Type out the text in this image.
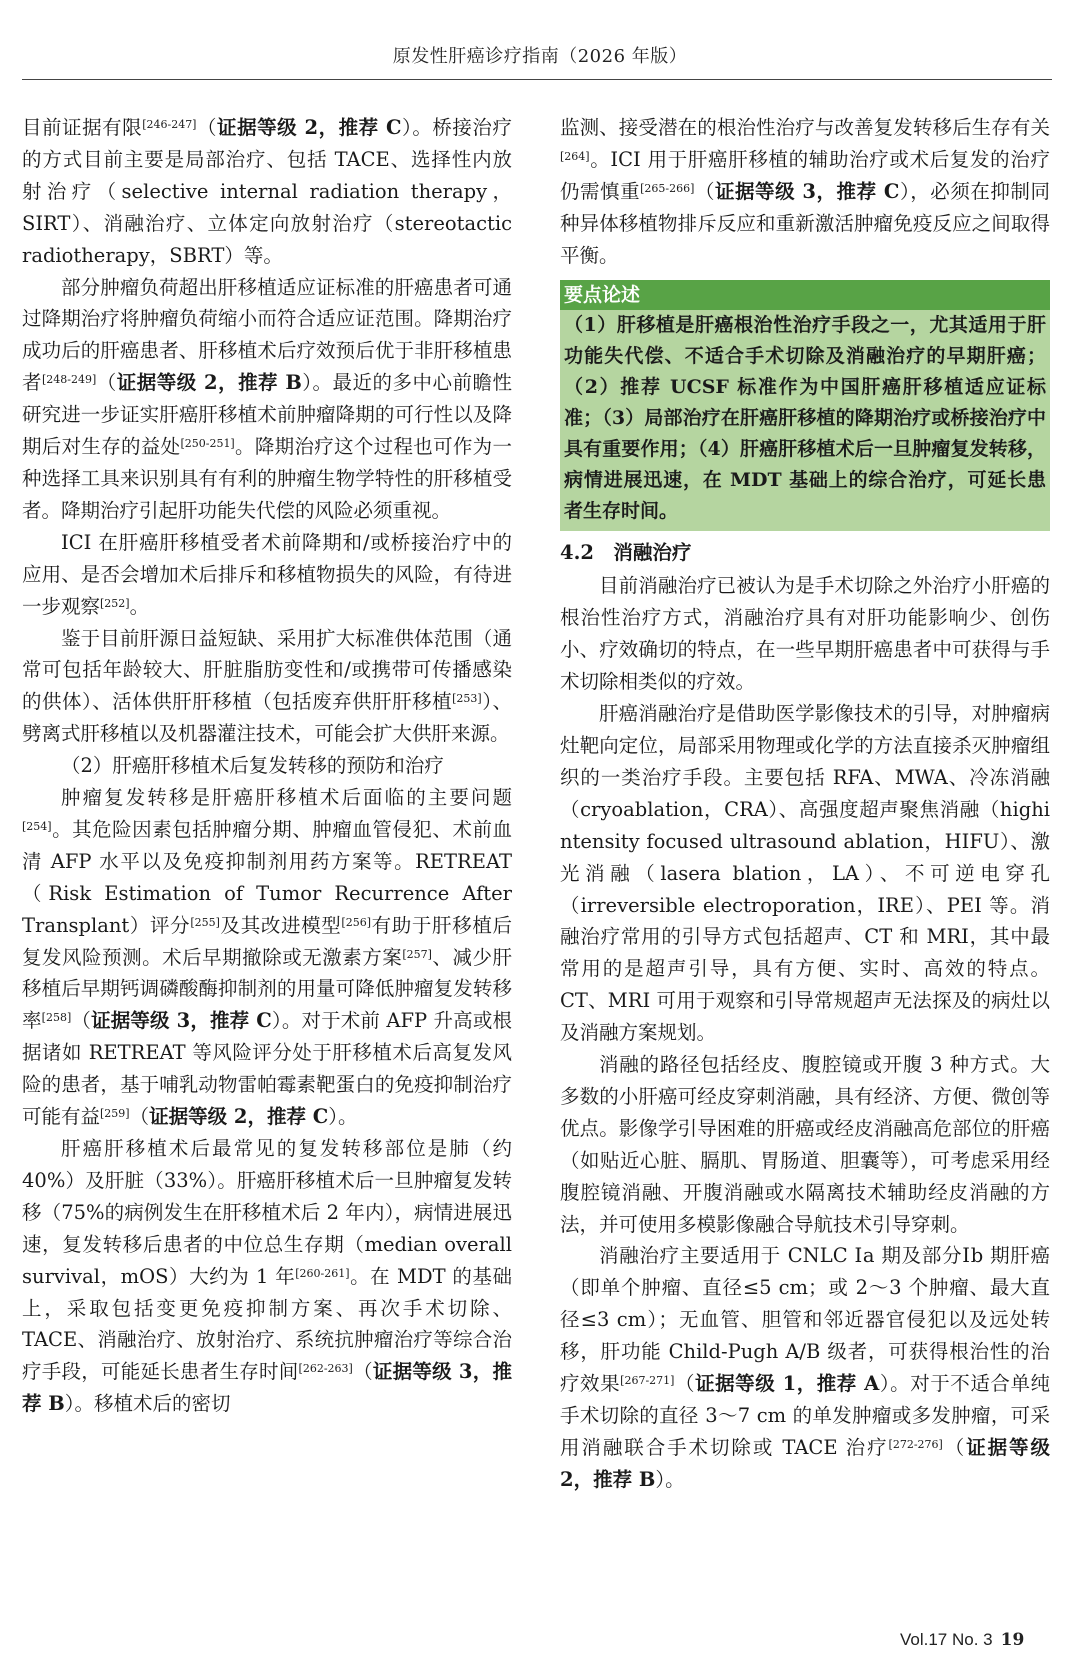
原发性肝癌诊疗指南（2026 年版）

目前证据有限[246-247]（证据等级 2，推荐 C）。桥接治疗的方式目前主要是局部治疗、包括 TACE、选择性内放射治疗（selective internal radiation therapy，SIRT）、消融治疗、立体定向放射治疗（stereotactic radiotherapy，SBRT）等。

部分肿瘤负荷超出肝移植适应证标准的肝癌患者可通过降期治疗将肿瘤负荷缩小而符合适应证范围。降期治疗成功后的肝癌患者、肝移植术后疗效预后优于非肝移植患者[248-249]（证据等级 2，推荐 B）。最近的多中心前瞻性研究进一步证实肝癌肝移植术前肿瘤降期的可行性以及降期后对生存的益处[250-251]。降期治疗这个过程也可作为一种选择工具来识别具有有利的肿瘤生物学特性的肝移植受者。降期治疗引起肝功能失代偿的风险必须重视。

ICI 在肝癌肝移植受者术前降期和/或桥接治疗中的应用、是否会增加术后排斥和移植物损失的风险，有待进一步观察[252]。

鉴于目前肝源日益短缺、采用扩大标准供体范围（通常可包括年龄较大、肝脏脂肪变性和/或携带可传播感染的供体）、活体供肝肝移植（包括废弃供肝肝移植[253]）、劈离式肝移植以及机器灌注技术，可能会扩大供肝来源。

（2）肝癌肝移植术后复发转移的预防和治疗

肿瘤复发转移是肝癌肝移植术后面临的主要问题[254]。其危险因素包括肿瘤分期、肿瘤血管侵犯、术前血清 AFP 水平以及免疫抑制剂用药方案等。RETREAT（Risk Estimation of Tumor Recurrence After Transplant）评分[255]及其改进模型[256]有助于肝移植后复发风险预测。术后早期撤除或无激素方案[257]、减少肝移植后早期钙调磷酸酶抑制剂的用量可降低肿瘤复发转移率[258]（证据等级 3，推荐 C）。对于术前 AFP 升高或根据诸如 RETREAT 等风险评分处于肝移植术后高复发风险的患者，基于哺乳动物雷帕霉素靶蛋白的免疫抑制治疗可能有益[259]（证据等级 2，推荐 C）。

肝癌肝移植术后最常见的复发转移部位是肺（约 40%）及肝脏（33%）。肝癌肝移植术后一旦肿瘤复发转移（75%的病例发生在肝移植术后 2 年内），病情进展迅速，复发转移后患者的中位总生存期（median overall survival，mOS）大约为 1 年[260-261]。在 MDT 的基础上，采取包括变更免疫抑制方案、再次手术切除、TACE、消融治疗、放射治疗、系统抗肿瘤治疗等综合治疗手段，可能延长患者生存时间[262-263]（证据等级 3，推荐 B）。移植术后的密切

监测、接受潜在的根治性治疗与改善复发转移后生存有关[264]。ICI 用于肝癌肝移植的辅助治疗或术后复发的治疗仍需慎重[265-266]（证据等级 3，推荐 C），必须在抑制同种异体移植物排斥反应和重新激活肿瘤免疫反应之间取得平衡。

要点论述
（1）肝移植是肝癌根治性治疗手段之一，尤其适用于肝功能失代偿、不适合手术切除及消融治疗的早期肝癌；（2）推荐 UCSF 标准作为中国肝癌肝移植适应证标准；（3）局部治疗在肝癌肝移植的降期治疗或桥接治疗中具有重要作用；（4）肝癌肝移植术后一旦肿瘤复发转移，病情进展迅速，在 MDT 基础上的综合治疗，可延长患者生存时间。
4.2　消融治疗

目前消融治疗已被认为是手术切除之外治疗小肝癌的根治性治疗方式，消融治疗具有对肝功能影响少、创伤小、疗效确切的特点，在一些早期肝癌患者中可获得与手术切除相类似的疗效。

肝癌消融治疗是借助医学影像技术的引导，对肿瘤病灶靶向定位，局部采用物理或化学的方法直接杀灭肿瘤组织的一类治疗手段。主要包括 RFA、MWA、冷冻消融（cryoablation，CRA）、高强度超声聚焦消融（highi ntensity focused ultrasound ablation，HIFU）、激光消融（lasera blation，LA）、不可逆电穿孔（irreversible electroporation，IRE）、PEI 等。消融治疗常用的引导方式包括超声、CT 和 MRI，其中最常用的是超声引导，具有方便、实时、高效的特点。CT、MRI 可用于观察和引导常规超声无法探及的病灶以及消融方案规划。

消融的路径包括经皮、腹腔镜或开腹 3 种方式。大多数的小肝癌可经皮穿刺消融，具有经济、方便、微创等优点。影像学引导困难的肝癌或经皮消融高危部位的肝癌（如贴近心脏、膈肌、胃肠道、胆囊等），可考虑采用经腹腔镜消融、开腹消融或水隔离技术辅助经皮消融的方法，并可使用多模影像融合导航技术引导穿刺。

消融治疗主要适用于 CNLC Ⅰa 期及部分Ⅰb 期肝癌（即单个肿瘤、直径≤5 cm；或 2～3 个肿瘤、最大直径≤3 cm）；无血管、胆管和邻近器官侵犯以及远处转移，肝功能 Child-Pugh A/B 级者，可获得根治性的治疗效果[267-271]（证据等级 1，推荐 A）。对于不适合单纯手术切除的直径 3～7 cm 的单发肿瘤或多发肿瘤，可采用消融联合手术切除或 TACE 治疗[272-276]（证据等级 2，推荐 B）。

Vol.17 No. 3 19
